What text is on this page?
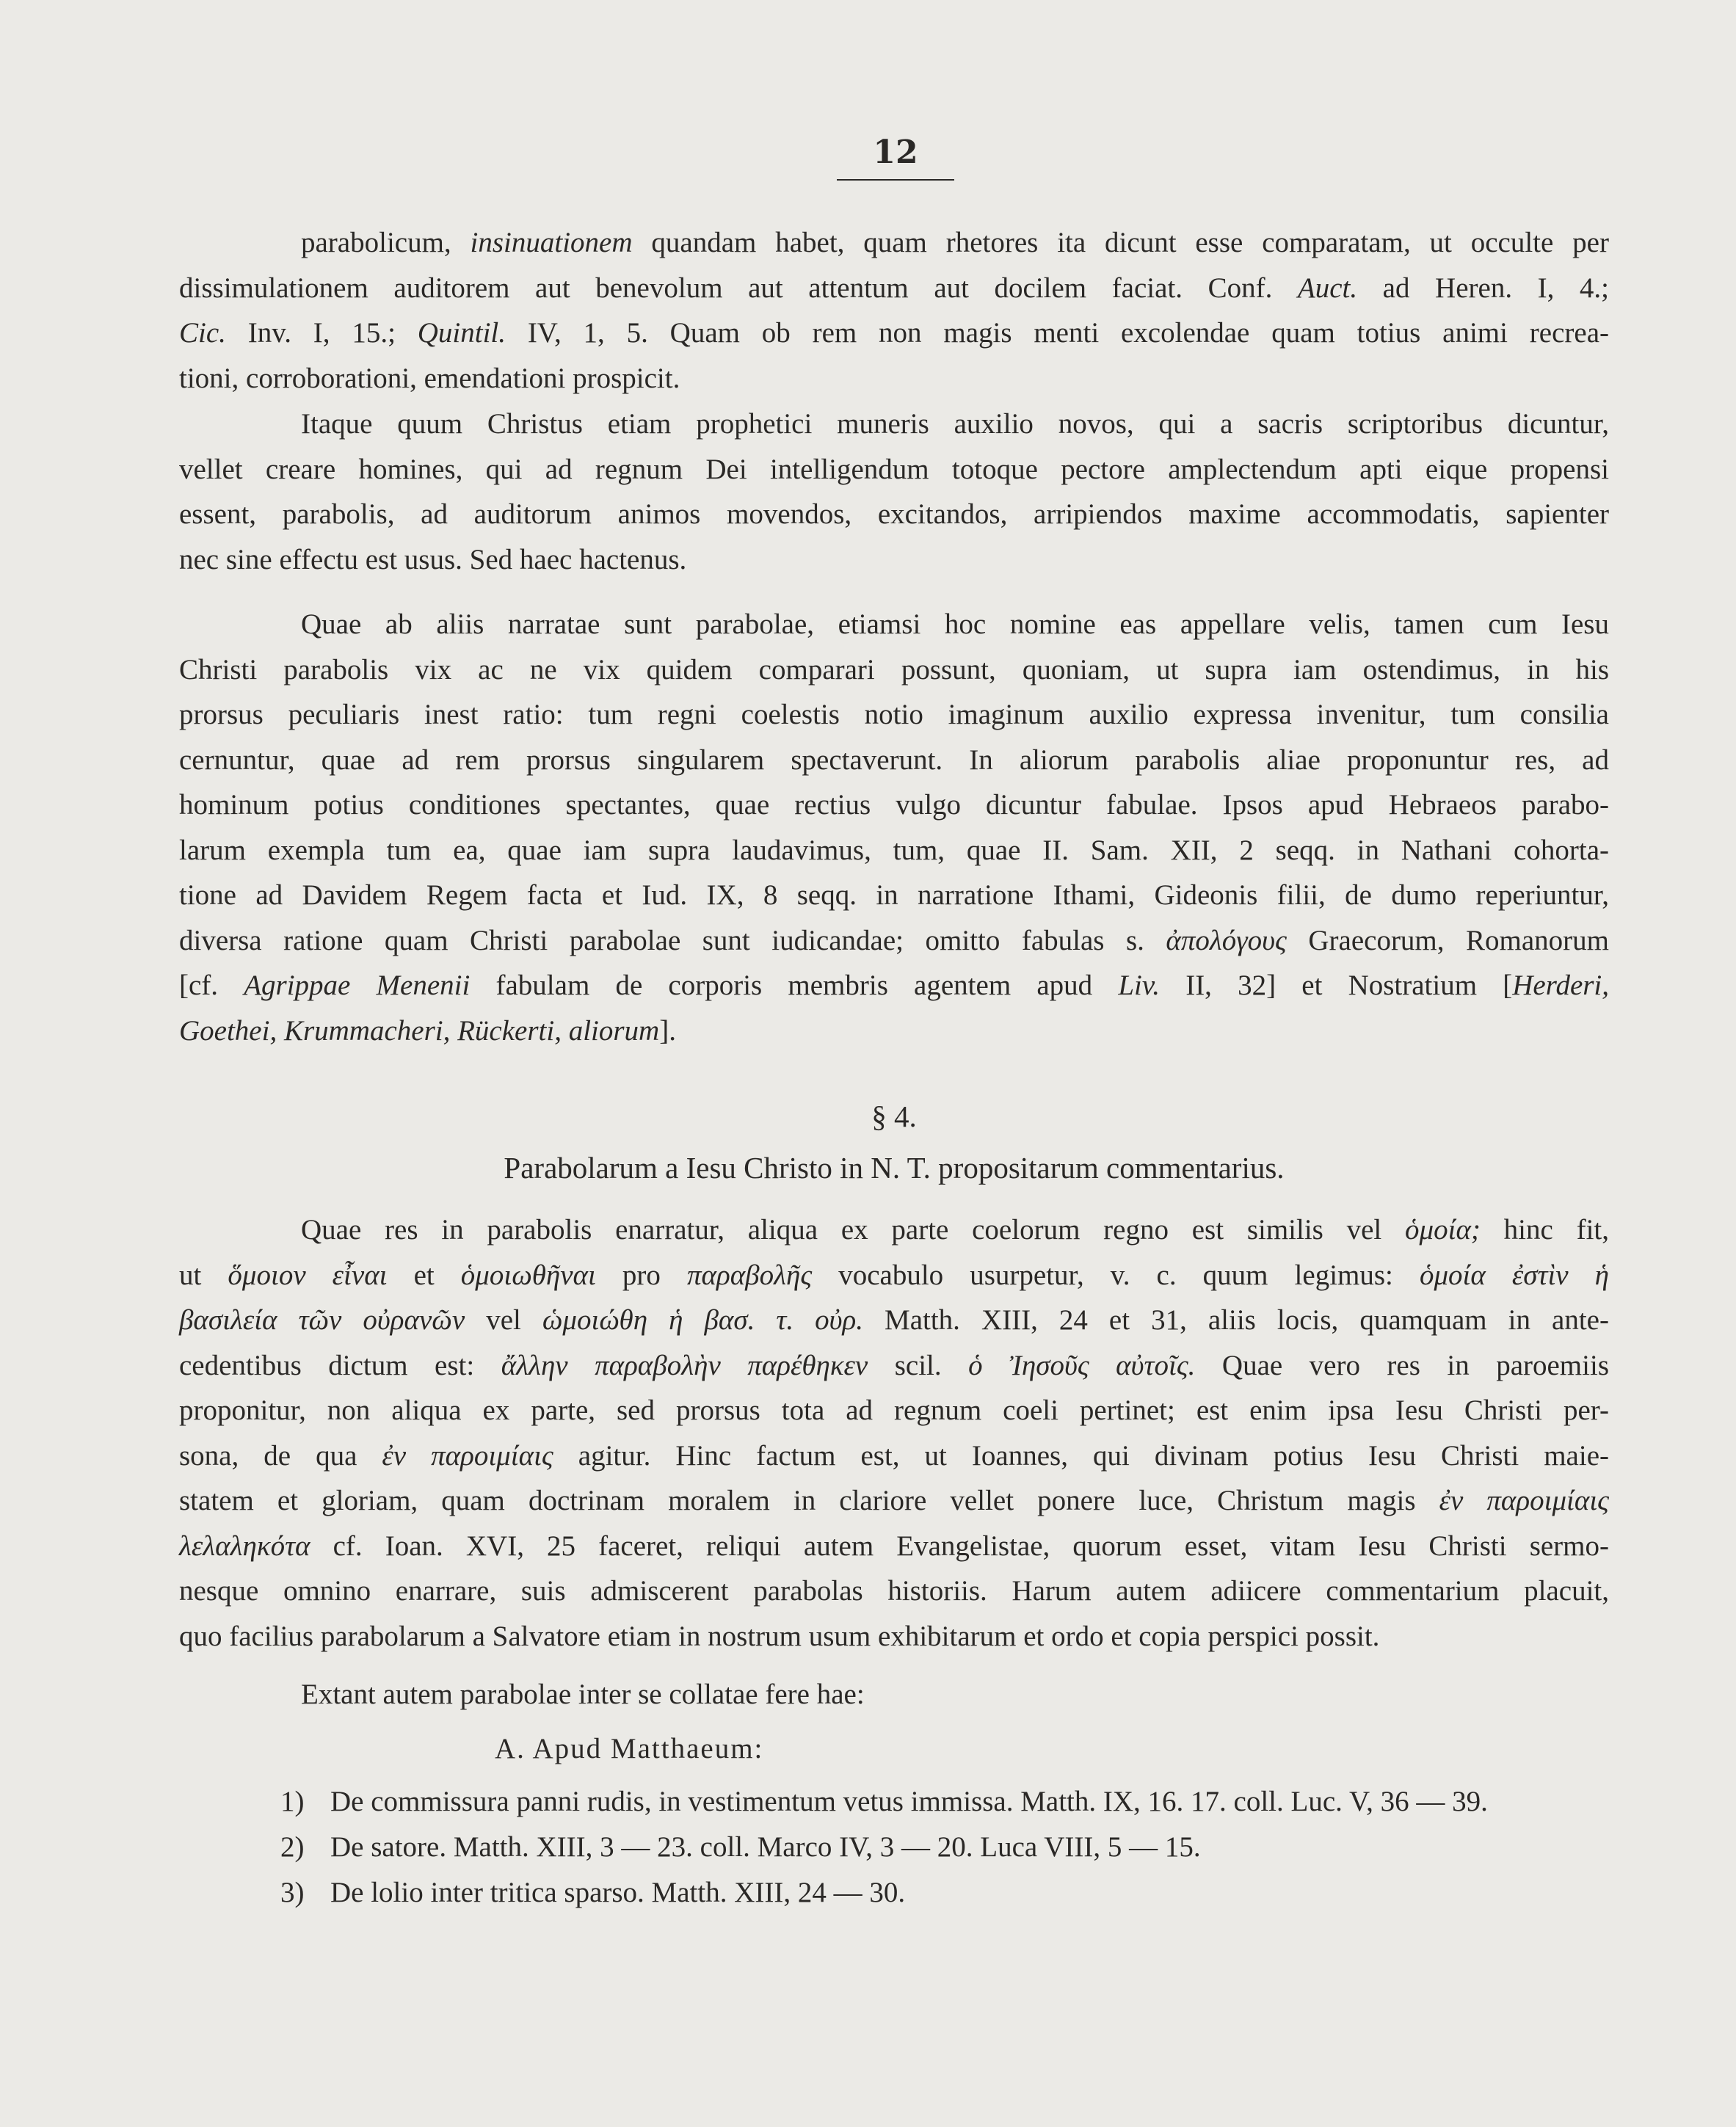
12
parabolicum, insinuationem quandam habet, quam rhetores ita dicunt esse comparatam, ut occulte per
dissimulationem auditorem aut benevolum aut attentum aut docilem faciat. Conf. Auct. ad Heren. I, 4.;
Cic. Inv. I, 15.; Quintil. IV, 1, 5. Quam ob rem non magis menti excolendae quam totius animi recrea-
tioni, corroborationi, emendationi prospicit.
Itaque quum Christus etiam prophetici muneris auxilio novos, qui a sacris scriptoribus dicuntur,
vellet creare homines, qui ad regnum Dei intelligendum totoque pectore amplectendum apti eique propensi
essent, parabolis, ad auditorum animos movendos, excitandos, arripiendos maxime accommodatis, sapienter
nec sine effectu est usus. Sed haec hactenus.
Quae ab aliis narratae sunt parabolae, etiamsi hoc nomine eas appellare velis, tamen cum Iesu
Christi parabolis vix ac ne vix quidem comparari possunt, quoniam, ut supra iam ostendimus, in his
prorsus peculiaris inest ratio: tum regni coelestis notio imaginum auxilio expressa invenitur, tum consilia
cernuntur, quae ad rem prorsus singularem spectaverunt. In aliorum parabolis aliae proponuntur res, ad
hominum potius conditiones spectantes, quae rectius vulgo dicuntur fabulae. Ipsos apud Hebraeos parabo-
larum exempla tum ea, quae iam supra laudavimus, tum, quae II. Sam. XII, 2 seqq. in Nathani cohorta-
tione ad Davidem Regem facta et Iud. IX, 8 seqq. in narratione Ithami, Gideonis filii, de dumo reperiuntur,
diversa ratione quam Christi parabolae sunt iudicandae; omitto fabulas s. ἀπολόγους Graecorum, Romanorum
[cf. Agrippae Menenii fabulam de corporis membris agentem apud Liv. II, 32] et Nostratium [Herderi,
Goethei, Krummacheri, Rückerti, aliorum].
§ 4.
Parabolarum a Iesu Christo in N. T. propositarum commentarius.
Quae res in parabolis enarratur, aliqua ex parte coelorum regno est similis vel ὁμοία; hinc fit,
ut ὅμοιον εἶναι et ὁμοιωθῆναι pro παραβολῆς vocabulo usurpetur, v. c. quum legimus: ὁμοία ἐστὶν ἡ
βασιλεία τῶν οὐρανῶν vel ὡμοιώθη ἡ βασ. τ. οὐρ. Matth. XIII, 24 et 31, aliis locis, quamquam in ante-
cedentibus dictum est: ἄλλην παραβολὴν παρέθηκεν scil. ὁ Ἰησοῦς αὐτοῖς. Quae vero res in paroemiis
proponitur, non aliqua ex parte, sed prorsus tota ad regnum coeli pertinet; est enim ipsa Iesu Christi per-
sona, de qua ἐν παροιμίαις agitur. Hinc factum est, ut Ioannes, qui divinam potius Iesu Christi maie-
statem et gloriam, quam doctrinam moralem in clariore vellet ponere luce, Christum magis ἐν παροιμίαις
λελαληκότα cf. Ioan. XVI, 25 faceret, reliqui autem Evangelistae, quorum esset, vitam Iesu Christi sermo-
nesque omnino enarrare, suis admiscerent parabolas historiis. Harum autem adiicere commentarium placuit,
quo facilius parabolarum a Salvatore etiam in nostrum usum exhibitarum et ordo et copia perspici possit.
Extant autem parabolae inter se collatae fere hae:
A. Apud Matthaeum:
1) De commissura panni rudis, in vestimentum vetus immissa. Matth. IX, 16. 17. coll. Luc. V, 36 — 39.
2) De satore. Matth. XIII, 3 — 23. coll. Marco IV, 3 — 20. Luca VIII, 5 — 15.
3) De lolio inter tritica sparso. Matth. XIII, 24 — 30.
